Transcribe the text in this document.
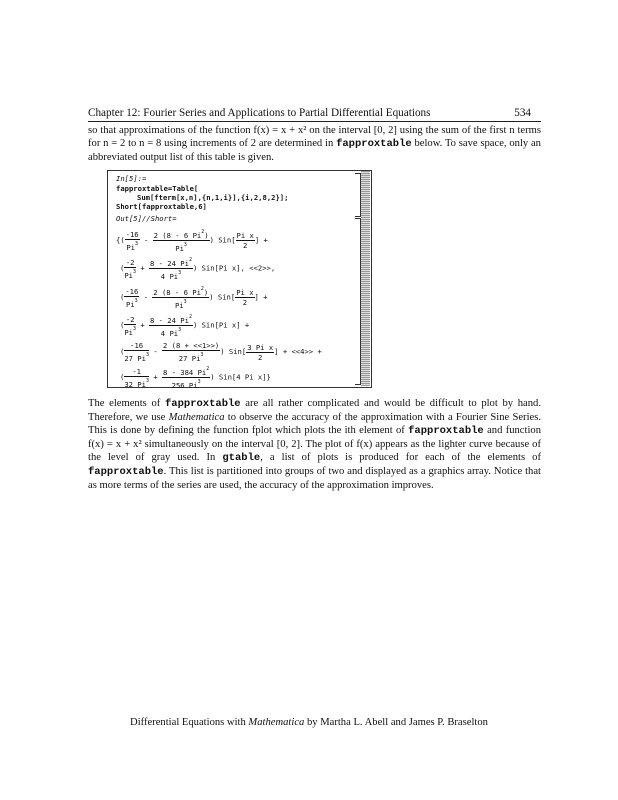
Chapter 12: Fourier Series and Applications to Partial Differential Equations	534
so that approximations of the function f(x) = x + x² on the interval [0, 2] using the sum of the first n terms for n = 2 to n = 8 using increments of 2 are determined in fapproxtable below. To save space, only an abbreviated output list of this table is given.
In[5]:=
fapproxtable=Table[
Sum[fterm[x,n],{n,1,i}],{i,2,8,2}];
Short[fapproxtable,6]
Out[5]//Short=
{( $\frac{-16}{Pi^3} - \frac{2 (8 - 6 Pi^2)}{Pi^3}$ ) $Sin[ \frac{\text{Pi x}}{2}$ ] +
( $\frac{-2}{Pi^3} + \frac{8 - 24 Pi^2}{4 Pi^3}$ ) Sin[Pi x], <<2>>,
( $\frac{-16}{Pi^3} - \frac{2 (8 - 6 Pi^2)}{Pi^3}$ ) $Sin[ \frac{\text{Pi x}}{2}$ ] +
( $\frac{-2}{Pi^3} + \frac{8 - 24 Pi^2}{4 Pi^3}$ ) Sin[Pi x] +
( $\frac{-16}{27 Pi^3} - \frac{2 (8 + <<1>>)}{27 Pi^3}$ ) $Sin[ \frac{\text{3 Pi x}}{2}$ ] + <<4>> +
( $\frac{-1}{32 Pi^3} + \frac{8 - 384 Pi^2}{256 Pi^3}$ ) Sin[4 Pi x]}
The elements of fapproxtable are all rather complicated and would be difficult to plot by hand. Therefore, we use Mathematica to observe the accuracy of the approximation with a Fourier Sine Series. This is done by defining the function fplot which plots the ith element of fapproxtable and function f(x) = x + x² simultaneously on the interval [0, 2]. The plot of f(x) appears as the lighter curve because of the level of gray used. In gtable, a list of plots is produced for each of the elements of fapproxtable. This list is partitioned into groups of two and displayed as a graphics array. Notice that as more terms of the series are used, the accuracy of the approximation improves.
Differential Equations with Mathematica by Martha L. Abell and James P. Braselton
